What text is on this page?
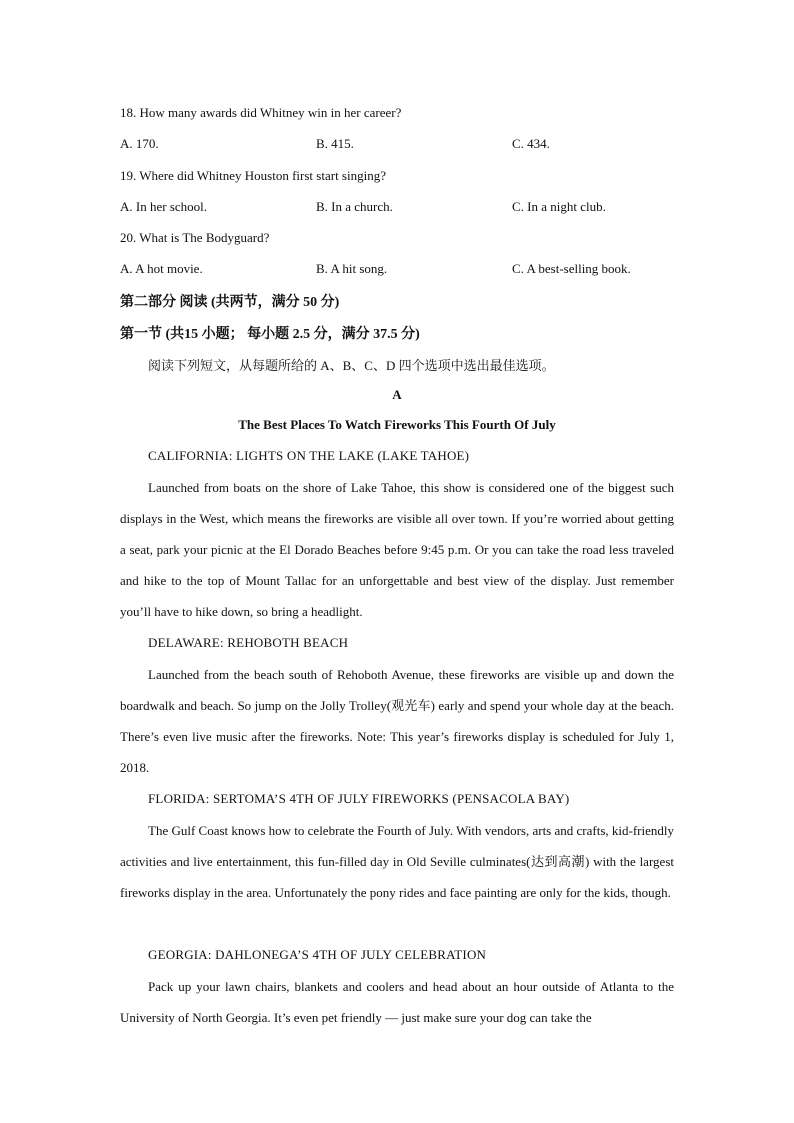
18. How many awards did Whitney win in her career?
A. 170.	B. 415.	C. 434.
19. Where did Whitney Houston first start singing?
A. In her school.	B. In a church.	C. In a night club.
20. What is The Bodyguard?
A. A hot movie.	B. A hit song.	C. A best-selling book.
第二部分 阅读 (共两节，满分 50 分)
第一节 (共15 小题； 每小题 2.5 分，满分 37.5 分)
阅读下列短文，从每题所给的 A、B、C、D 四个选项中选出最佳选项。
A
The Best Places To Watch Fireworks This Fourth Of July
CALIFORNIA: LIGHTS ON THE LAKE (LAKE TAHOE)

Launched from boats on the shore of Lake Tahoe, this show is considered one of the biggest such displays in the West, which means the fireworks are visible all over town. If you’re worried about getting a seat, park your picnic at the El Dorado Beaches before 9:45 p.m. Or you can take the road less traveled and hike to the top of Mount Tallac for an unforgettable and best view of the display. Just remember you’ll have to hike down, so bring a headlight.

DELAWARE: REHOBOTH BEACH

Launched from the beach south of Rehoboth Avenue, these fireworks are visible up and down the boardwalk and beach. So jump on the Jolly Trolley(观光车) early and spend your whole day at the beach. There’s even live music after the fireworks. Note: This year’s fireworks display is scheduled for July 1, 2018.

FLORIDA: SERTOMA’S 4TH OF JULY FIREWORKS (PENSACOLA BAY)

The Gulf Coast knows how to celebrate the Fourth of July. With vendors, arts and crafts, kid-friendly activities and live entertainment, this fun-filled day in Old Seville culminates(达到高潮) with the largest fireworks display in the area. Unfortunately the pony rides and face painting are only for the kids, though.

GEORGIA: DAHLONEGA’S 4TH OF JULY CELEBRATION

Pack up your lawn chairs, blankets and coolers and head about an hour outside of Atlanta to the University of North Georgia. It’s even pet friendly — just make sure your dog can take the
